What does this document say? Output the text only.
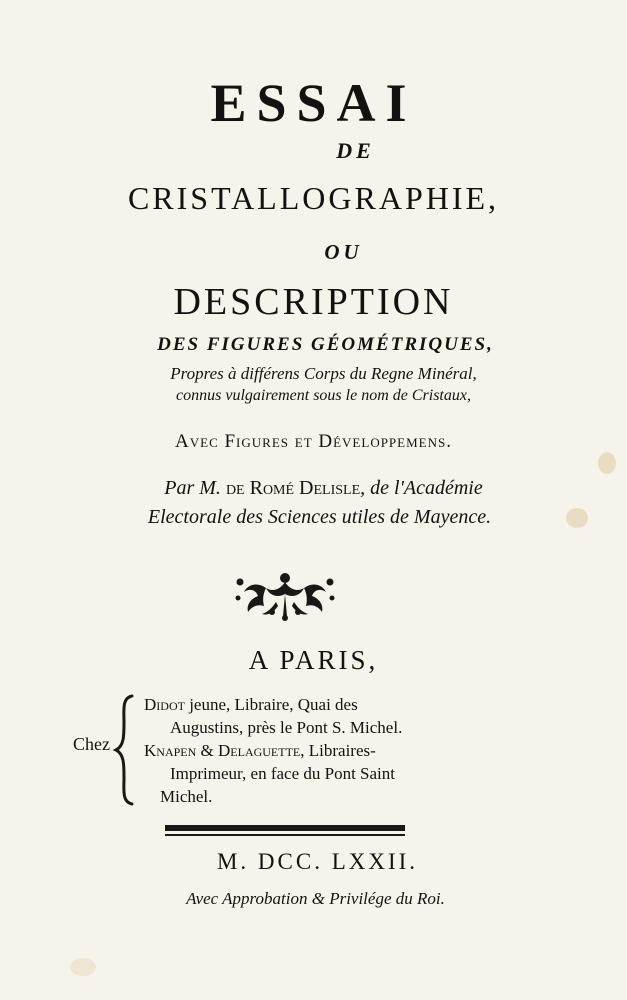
ESSAI
DE
CRISTALLOGRAPHIE,
OU
DESCRIPTION
DES FIGURES GÉOMÉTRIQUES,
Propres à différens Corps du Regne Minéral,
connus vulgairement sous le nom de Cristaux,
Avec Figures et Développemens.
Par M. de Romé Delisle, de l'Académie
Electorale des Sciences utiles de Mayence.
A PARIS,
Chez
Didot jeune, Libraire, Quai des
Augustins, près le Pont S. Michel.
Knapen & Delaguette, Libraires-
Imprimeur, en face du Pont Saint
Michel.
M. DCC. LXXII.
Avec Approbation & Privilége du Roi.
